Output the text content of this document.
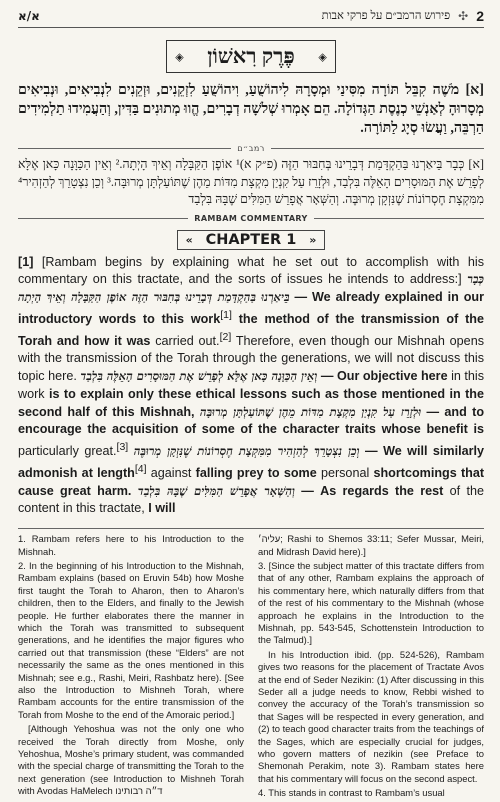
א/א	2
✣
פירוש הרמב״ם על פרקי אבות
◈ פֶּרֶק רִאשׁוֹן ◈
[א] מֹשֶׁה קִבֵּל תּוֹרָה מִסִּינַי וּמְסָרָהּ לִיהוֹשֻׁעַ, וִיהוֹשֻׁעַ לִזְקֵנִים, וּזְקֵנִים לִנְבִיאִים, וּנְבִיאִים מְסָרוּהָ לְאַנְשֵׁי כְנֶסֶת הַגְּדוֹלָה. הֵם אָמְרוּ שְׁלשָׁה דְבָרִים, הֱווּ מְתוּנִים בַּדִּין, וְהַעֲמִידוּ תַלְמִידִים הַרְבֵּה, וַעֲשׂוּ סְיָג לַתּוֹרָה.
רמב״ם
[א] כְּבָר בֵּיאַרְנוּ בַּהַקְדָּמַת דְּבָרֵינוּ בְּחִבּוּר הַזֶּה (פ״ק א)¹ אוֹפֶן הַקַּבָּלָה וְאֵיךְ הָיְתָה.² וְאֵין הַכַּוָּנָה כָּאן אֶלָּא לְפָרֵשׁ אֶת הַמּוּסָרִים הָאֵלֶּה בִּלְבַד, וּלְזָרֵז עַל קִנְיַן מִקְצָת מִדּוֹת מֵהֶן שֶׁתּוֹעַלְתָּן מְרוּבָּה.³ וְכֵן נִצְטָרֵךְ לְהַזְהִיר⁴ מִמִּקְצָת חֶסְרוֹנוֹת שֶׁנִּזְקָן מְרוּבֶּה. וְהַשְּׁאָר אֲפָרֵשׁ הַמִּלִּים שֶׁבָּהּ בִּלְבַד
RAMBAM COMMENTARY
« CHAPTER 1 »
[1] [Rambam begins by explaining what he set out to accomplish with his commentary on this tractate, and the sorts of issues he intends to address:] כְּבָר בֵּיאַרְנוּ בַּהַקְדָּמַת דְּבָרֵינוּ בְּחִבּוּר הַזֶּה אוֹפֶן הַקַּבָּלָה וְאֵיךְ הָיְתָה — We already explained in our introductory words to this work[1] the method of the transmission of the Torah and how it was carried out.[2] Therefore, even though our Mishnah opens with the transmission of the Torah through the generations, we will not discuss this topic here. וְאֵין הַכַּוָּנָה כָּאן אֶלָּא לְפָרֵשׁ אֶת הַמּוּסָרִים הָאֵלֶּה בִּלְבַד — Our objective here in this work is to explain only these ethical lessons such as those mentioned in the second half of this Mishnah, וּלְזָרֵז עַל קִנְיַן מִקְצָת מִדּוֹת מֵהֶן שֶׁתּוֹעַלְתָּן מְרוּבָּה — and to encourage the acquisition of some of the character traits whose benefit is particularly great.[3] וְכֵן נִצְטָרֵךְ לְהַזְהִיר מִמִּקְצָת חֶסְרוֹנוֹת שֶׁנִּזְקָן מְרוּבֶּה — We will similarly admonish at length[4] against falling prey to some personal shortcomings that cause great harm. וְהַשְּׁאָר אֲפָרֵשׁ הַמִּלִּים שֶׁבָּהּ בִּלְבַד — As regards the rest of the content in this tractate, I will

1. Rambam refers here to his Introduction to the Mishnah.

2. In the beginning of his Introduction to the Mishnah, Rambam explains (based on Eruvin 54b) how Moshe first taught the Torah to Aharon, then to Aharon’s children, then to the Elders, and finally to the Jewish people. He further elaborates there the manner in which the Torah was transmitted to subsequent generations, and he identifies the major figures who carried out that transmission (these “Elders” are not necessarily the same as the ones mentioned in this Mishnah; see e.g., Rashi, Meiri, Rashbatz here). [See also the Introduction to Mishneh Torah, where Rambam accounts for the entire transmission of the Torah from Moshe to the end of the Amoraic period.]

[Although Yehoshua was not the only one who received the Torah directly from Moshe, only Yehoshua, Moshe’s primary student, was commanded with the special charge of transmitting the Torah to the next generation (see Introduction to Mishneh Torah with Avodas HaMelech ד״ה רבותינו

עליה׳; Rashi to Shemos 33:11; Sefer Mussar, Meiri, and Midrash David here).]

3. [Since the subject matter of this tractate differs from that of any other, Rambam explains the approach of his commentary here, which naturally differs from that of the rest of his commentary to the Mishnah (whose approach he explains in the Introduction to the Mishnah, pp. 543-545, Schottenstein Introduction to the Talmud).]

In his Introduction ibid. (pp. 524-526), Rambam gives two reasons for the placement of Tractate Avos at the end of Seder Nezikin: (1) After discussing in this Seder all a judge needs to know, Rebbi wished to convey the accuracy of the Torah’s transmission so that Sages will be respected in every generation, and (2) to teach good character traits from the teachings of the Sages, which are especially crucial for judges, who govern matters of nezikin (see Preface to Shemonah Perakim, note 3). Rambam states here that his commentary will focus on the second aspect.

4. This stands in contrast to Rambam’s usual
